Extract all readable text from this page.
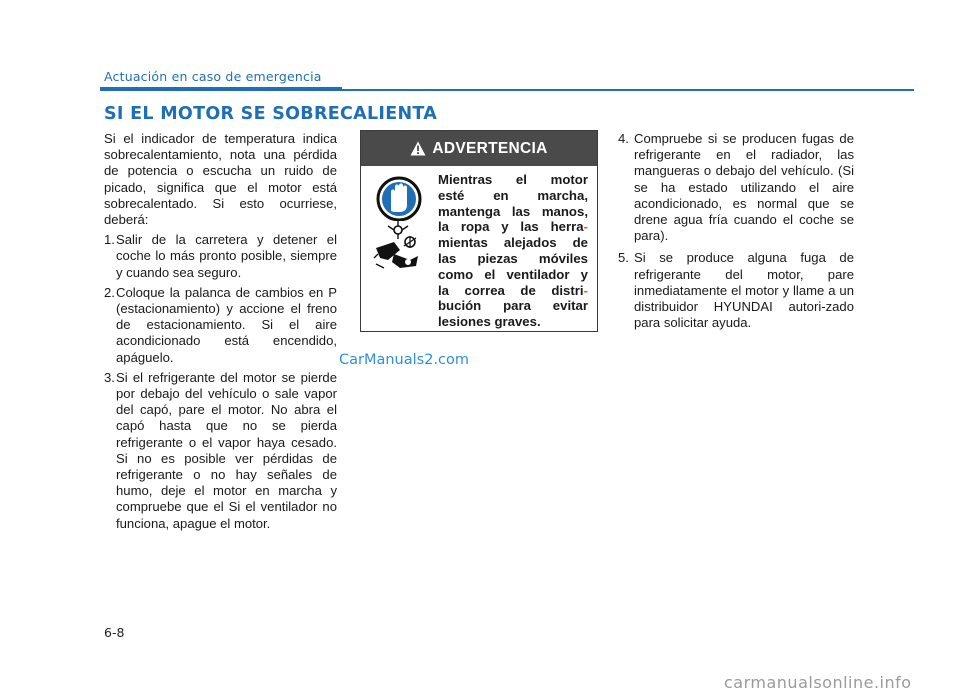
Actuación en caso de emergencia
SI EL MOTOR SE SOBRECALIENTA

Si el indicador de temperatura indica sobrecalentamiento, nota una pérdida de potencia o escucha un ruido de picado, significa que el motor está sobrecalentado. Si esto ocurriese, deberá:

1. Salir de la carretera y detener el coche lo más pronto posible, siempre y cuando sea seguro.
2. Coloque la palanca de cambios en P (estacionamiento) y accione el freno de estacionamiento. Si el aire acondicionado está encendido, apáguelo.
3. Si el refrigerante del motor se pierde por debajo del vehículo o sale vapor del capó, pare el motor. No abra el capó hasta que no se pierda refrigerante o el vapor haya cesado. Si no es posible ver pérdidas de refrigerante o no hay señales de humo, deje el motor en marcha y compruebe que el Si el ventilador no funciona, apague el motor.
ADVERTENCIA
Mientras el motor
esté en marcha,
mantenga las manos,
la ropa y las herra-
mientas alejados de
las piezas móviles
como el ventilador y
la correa de distri-
bución para evitar
lesiones graves.
4. Compruebe si se producen fugas de refrigerante en el radiador, las mangueras o debajo del vehículo. (Si se ha estado utilizando el aire acondicionado, es normal que se drene agua fría cuando el coche se para).
5. Si se produce alguna fuga de refrigerante del motor, pare inmediatamente el motor y llame a un distribuidor HYUNDAI autori-zado para solicitar ayuda.
CarManuals2.com
6-8
carmanualsonline.info
